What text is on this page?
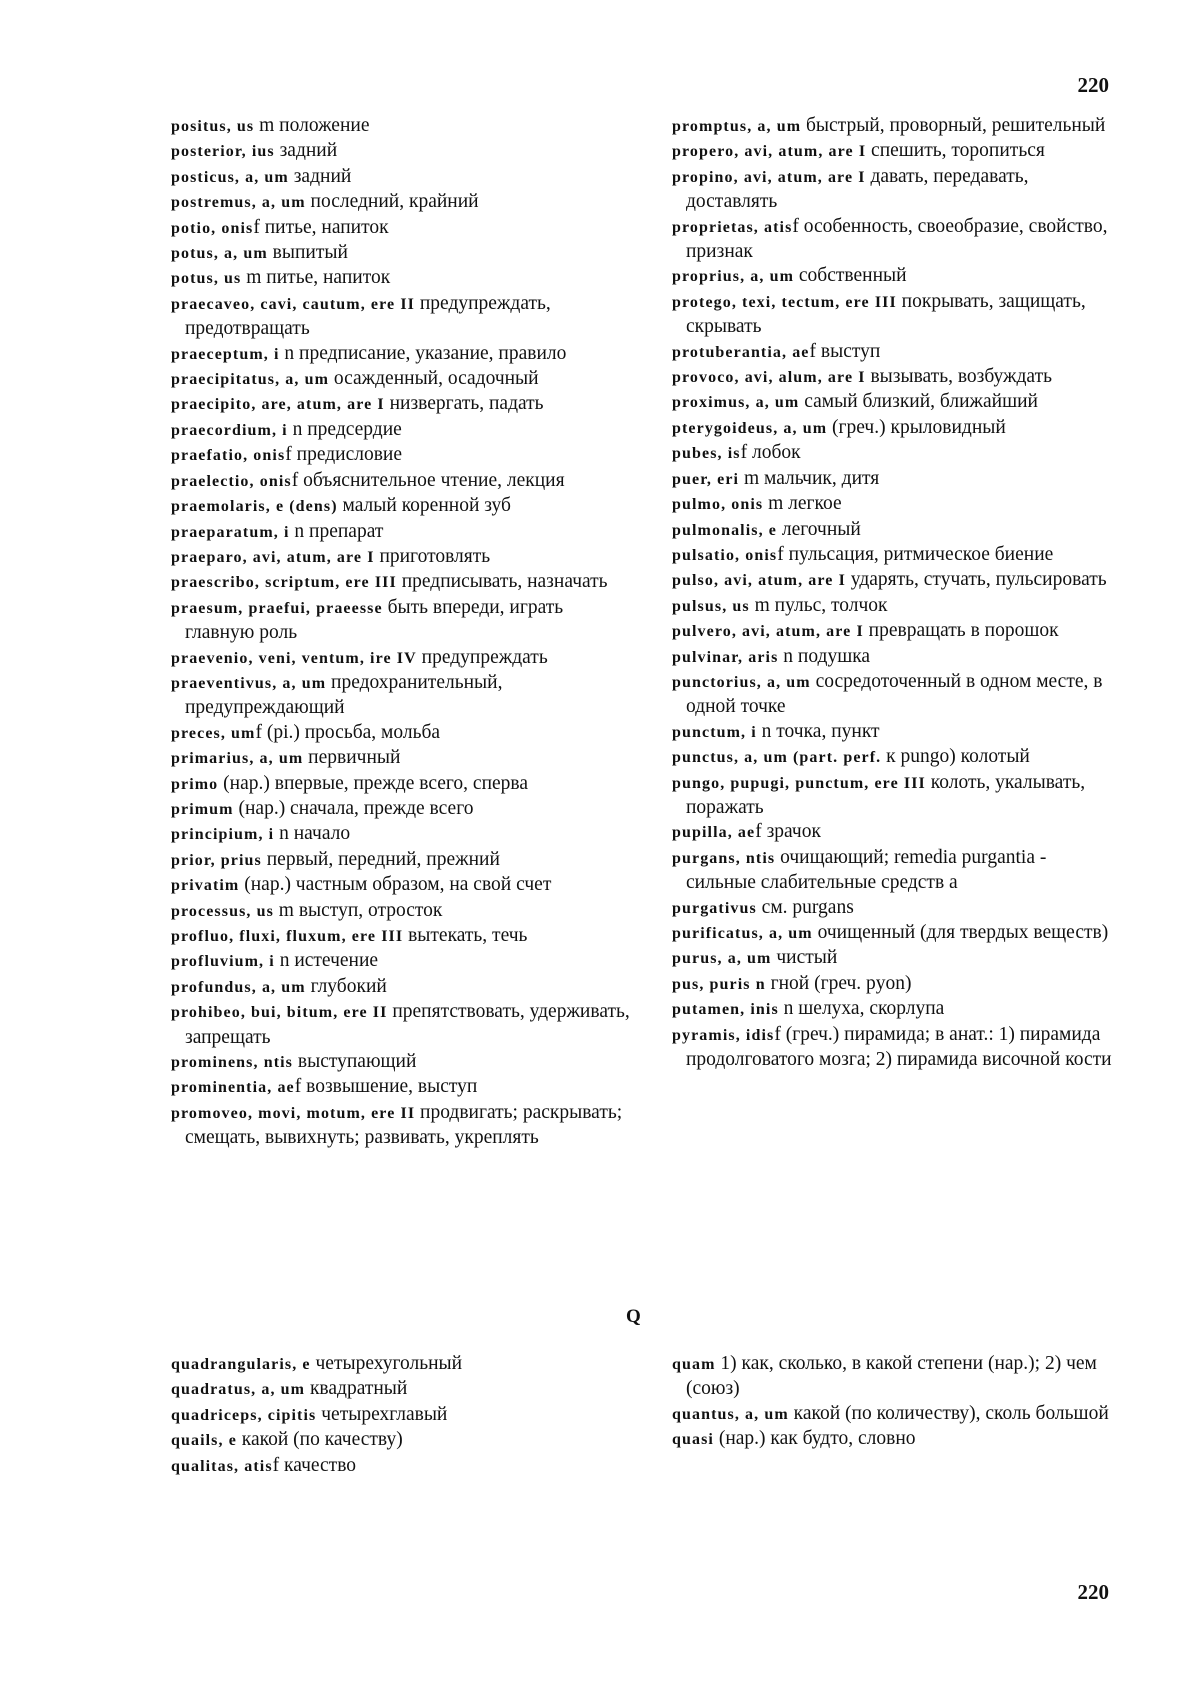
220
positus, us m положение
posterior, ius задний
posticus, a, um задний
postremus, a, um последний, крайний
potio, onisf питье, напиток
potus, a, um выпитый
potus, us m питье, напиток
praecaveo, cavi, cautum, ere II предупреждать, предотвращать
praeceptum, i n предписание, указание, правило
praecipitatus, a, um осажденный, осадочный
praecipito, are, atum, are I низвергать, падать
praecordium, i n предсердие
praefatio, onisf предисловие
praelectio, onisf объяснительное чтение, лекция
praemolaris, e (dens) малый коренной зуб
praeparatum, i n препарат
praeparo, avi, atum, are I приготовлять
praescribo, scriptum, ere III предписывать, назначать
praesum, praefui, praeesse быть впереди, играть главную роль
praevenio, veni, ventum, ire IV предупреждать
praeventivus, a, um предохранительный, предупреждающий
preces, umf (pi.) просьба, мольба
primarius, a, um первичный
primo (нар.) впервые, прежде всего, сперва
primum (нар.) сначала, прежде всего
principium, i n начало
prior, prius первый, передний, прежний
privatim (нар.) частным образом, на свой счет
processus, us m выступ, отросток
profluo, fluxi, fluxum, ere III вытекать, течь
profluvium, i n истечение
profundus, a, um глубокий
prohibeo, bui, bitum, ere II препятствовать, удерживать, запрещать
prominens, ntis выступающий
prominentia, aef возвышение, выступ
promoveo, movi, motum, ere II продвигать; раскрывать; смещать, вывихнуть; развивать, укреплять
promptus, a, um быстрый, проворный, решительный
propero, avi, atum, are I спешить, торопиться
propino, avi, atum, are I давать, передавать, доставлять
proprietas, atisf особенность, своеобразие, свойство, признак
proprius, a, um собственный
protego, texi, tectum, ere III покрывать, защищать, скрывать
protuberantia, aef выступ
provoco, avi, alum, are I вызывать, возбуждать
proximus, a, um самый близкий, ближайший
pterygoideus, a, um (греч.) крыловидный
pubes, isf лобок
puer, eri m мальчик, дитя
pulmo, onis m легкое
pulmonalis, e легочный
pulsatio, onisf пульсация, ритмическое биение
pulso, avi, atum, are I ударять, стучать, пульсировать
pulsus, us m пульс, толчок
pulvero, avi, atum, are I превращать в порошок
pulvinar, aris n подушка
punctorius, a, um сосредоточенный в одном месте, в одной точке
punctum, i n точка, пункт
punctus, a, um (part. perf. к pungo) колотый
pungo, pupugi, punctum, ere III колоть, укалывать, поражать
pupilla, aef зрачок
purgans, ntis очищающий; remedia purgantia - сильные слабительные средств а
purgativus см. purgans
purificatus, a, um очищенный (для твердых веществ)
purus, a, um чистый
pus, puris n гной (греч. pyon)
putamen, inis n шелуха, скорлупа
pyramis, idisf (греч.) пирамида; в анат.: 1) пирамида продолговатого мозга; 2) пирамида височной кости
Q
quadrangularis, e четырехугольный
quadratus, a, um квадратный
quadriceps, cipitis четырехглавый
quails, e какой (по качеству)
qualitas, atisf качество
quam 1) как, сколько, в какой степени (нар.); 2) чем (союз)
quantus, a, um какой (по количеству), сколь большой
quasi (нар.) как будто, словно
220
